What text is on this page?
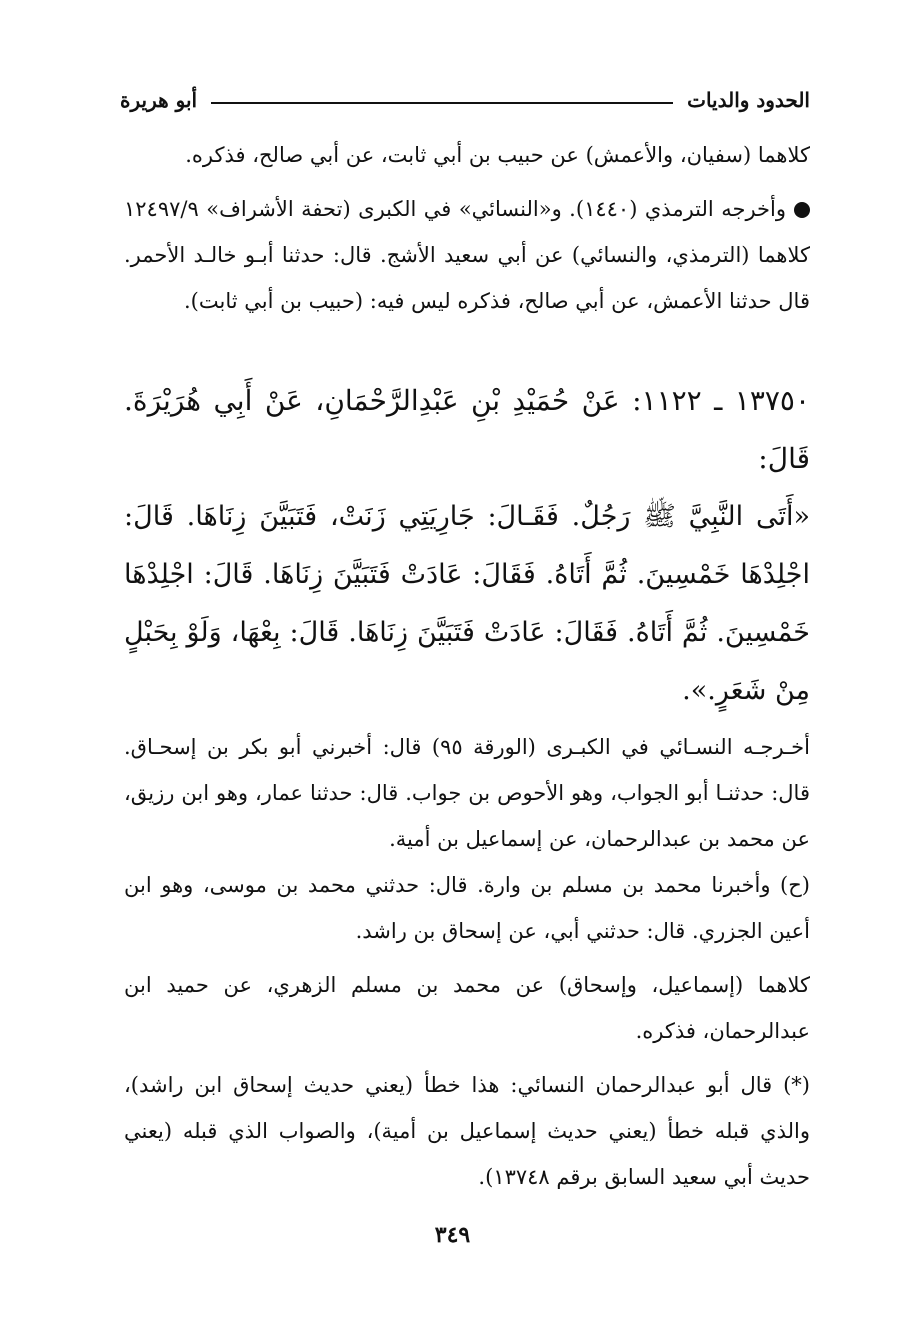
الحدود والديات
أبو هريرة

كلاهما (سفيان، والأعمش) عن حبيب بن أبي ثابت، عن أبي صالح، فذكره.

وأخرجه الترمذي (١٤٤٠). و«النسائي» في الكبرى (تحفة الأشراف» ١٢٤٩٧/٩ كلاهما (الترمذي، والنسائي) عن أبي سعيد الأشج. قال: حدثنا أبـو خالـد الأحمر. قال حدثنا الأعمش، عن أبي صالح، فذكره ليس فيه: (حبيب بن أبي ثابت).

١٣٧٥٠ ـ ١١٢٢: عَنْ حُمَيْدِ بْنِ عَبْدِالرَّحْمَانِ، عَنْ أَبِي هُرَيْرَةَ. قَالَ:

«أَتَى النَّبِيَّ ﷺ رَجُلٌ. فَقَـالَ: جَارِيَتِي زَنَتْ، فَتَبَيَّنَ زِنَاهَا. قَالَ: اجْلِدْهَا خَمْسِينَ. ثُمَّ أَتَاهُ. فَقَالَ: عَادَتْ فَتَبَيَّنَ زِنَاهَا. قَالَ: اجْلِدْهَا خَمْسِينَ. ثُمَّ أَتَاهُ. فَقَالَ: عَادَتْ فَتَبَيَّنَ زِنَاهَا. قَالَ: بِعْهَا، وَلَوْ بِحَبْلٍ مِنْ شَعَرٍ.».

أخـرجـه النسـائي في الكبـرى (الورقة ٩٥) قال: أخبرني أبو بكر بن إسحـاق. قال: حدثنـا أبو الجواب، وهو الأحوص بن جواب. قال: حدثنا عمار، وهو ابن رزيق، عن محمد بن عبدالرحمان، عن إسماعيل بن أمية.

(ح) وأخبرنا محمد بن مسلم بن وارة. قال: حدثني محمد بن موسى، وهو ابن أعين الجزري. قال: حدثني أبي، عن إسحاق بن راشد.

كلاهما (إسماعيل، وإسحاق) عن محمد بن مسلم الزهري، عن حميد ابن عبدالرحمان، فذكره.

(*) قال أبو عبدالرحمان النسائي: هذا خطأ (يعني حديث إسحاق ابن راشد)، والذي قبله خطأ (يعني حديث إسماعيل بن أمية)، والصواب الذي قبله (يعني حديث أبي سعيد السابق برقم ١٣٧٤٨).

٣٤٩
